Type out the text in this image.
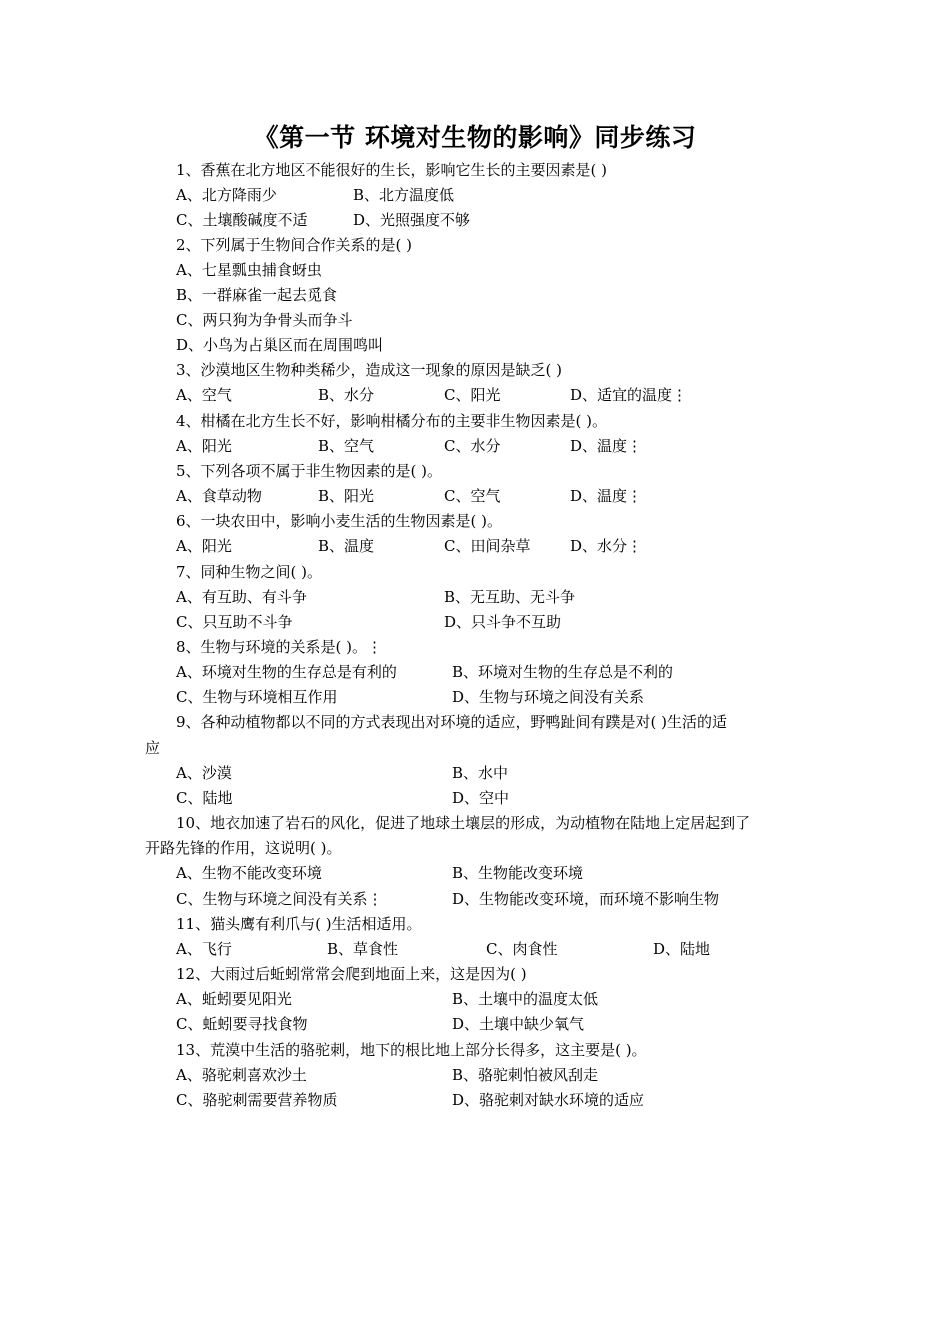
《第一节 环境对生物的影响》同步练习
1、香蕉在北方地区不能很好的生长，影响它生长的主要因素是( )
A、北方降雨少	B、北方温度低
C、土壤酸碱度不适	D、光照强度不够
2、下列属于生物间合作关系的是( )
A、七星瓢虫捕食蚜虫
B、一群麻雀一起去觅食
C、两只狗为争骨头而争斗
D、小鸟为占巢区而在周围鸣叫
3、沙漠地区生物种类稀少，造成这一现象的原因是缺乏( )
A、空气	B、水分	C、阳光	D、适宜的温度⋮
4、柑橘在北方生长不好，影响柑橘分布的主要非生物因素是( )。
A、阳光	B、空气	C、水分	D、温度⋮
5、下列各项不属于非生物因素的是( )。
A、食草动物	B、阳光	C、空气	D、温度⋮
6、一块农田中，影响小麦生活的生物因素是( )。
A、阳光	B、温度	C、田间杂草	D、水分⋮
7、同种生物之间( )。
A、有互助、有斗争	B、无互助、无斗争
C、只互助不斗争	D、只斗争不互助
8、生物与环境的关系是( )。⋮
A、环境对生物的生存总是有利的	B、环境对生物的生存总是不利的
C、生物与环境相互作用	D、生物与环境之间没有关系
9、各种动植物都以不同的方式表现出对环境的适应，野鸭趾间有蹼是对( )生活的适
应
A、沙漠	B、水中
C、陆地	D、空中
10、地衣加速了岩石的风化，促进了地球土壤层的形成，为动植物在陆地上定居起到了
开路先锋的作用，这说明( )。
A、生物不能改变环境	B、生物能改变环境
C、生物与环境之间没有关系⋮	D、生物能改变环境，而环境不影响生物
11、猫头鹰有利爪与( )生活相适用。
A、飞行	B、草食性	C、肉食性	D、陆地
12、大雨过后蚯蚓常常会爬到地面上来，这是因为( )
A、蚯蚓要见阳光	B、土壤中的温度太低
C、蚯蚓要寻找食物	D、土壤中缺少氧气
13、荒漠中生活的骆驼刺，地下的根比地上部分长得多，这主要是( )。
A、骆驼刺喜欢沙土	B、骆驼刺怕被风刮走
C、骆驼刺需要营养物质	D、骆驼刺对缺水环境的适应
